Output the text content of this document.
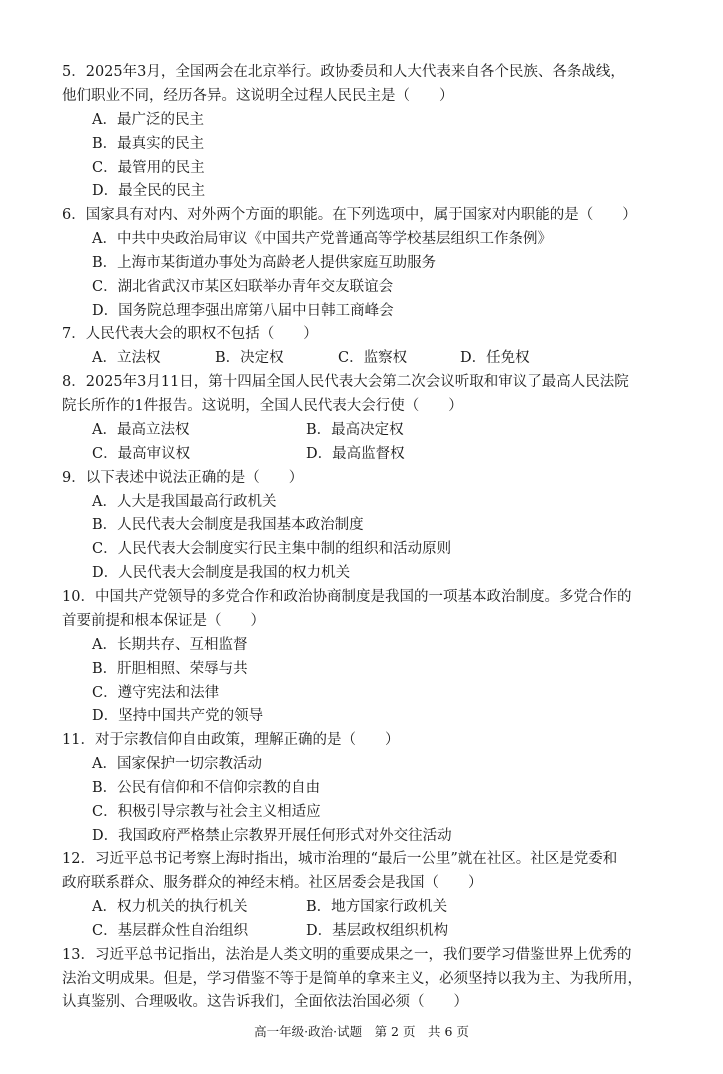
5．2025年3月，全国两会在北京举行。政协委员和人大代表来自各个民族、各条战线，
他们职业不同，经历各异。这说明全过程人民民主是（　　）
A．最广泛的民主
B．最真实的民主
C．最管用的民主
D．最全民的民主
6．国家具有对内、对外两个方面的职能。在下列选项中，属于国家对内职能的是（　　）
A．中共中央政治局审议《中国共产党普通高等学校基层组织工作条例》
B．上海市某街道办事处为高龄老人提供家庭互助服务
C．湖北省武汉市某区妇联举办青年交友联谊会
D．国务院总理李强出席第八届中日韩工商峰会
7．人民代表大会的职权不包括（　　）
A．立法权	B．决定权	C．监察权	D．任免权
8．2025年3月11日，第十四届全国人民代表大会第二次会议听取和审议了最高人民法院
院长所作的1件报告。这说明，全国人民代表大会行使（　　）
A．最高立法权	B．最高决定权
C．最高审议权	D．最高监督权
9．以下表述中说法正确的是（　　）
A．人大是我国最高行政机关
B．人民代表大会制度是我国基本政治制度
C．人民代表大会制度实行民主集中制的组织和活动原则
D．人民代表大会制度是我国的权力机关
10．中国共产党领导的多党合作和政治协商制度是我国的一项基本政治制度。多党合作的
首要前提和根本保证是（　　）
A．长期共存、互相监督
B．肝胆相照、荣辱与共
C．遵守宪法和法律
D．坚持中国共产党的领导
11．对于宗教信仰自由政策，理解正确的是（　　）
A．国家保护一切宗教活动
B．公民有信仰和不信仰宗教的自由
C．积极引导宗教与社会主义相适应
D．我国政府严格禁止宗教界开展任何形式对外交往活动
12．习近平总书记考察上海时指出，城市治理的“最后一公里”就在社区。社区是党委和
政府联系群众、服务群众的神经末梢。社区居委会是我国（　　）
A．权力机关的执行机关	B．地方国家行政机关
C．基层群众性自治组织	D．基层政权组织机构
13．习近平总书记指出，法治是人类文明的重要成果之一，我们要学习借鉴世界上优秀的
法治文明成果。但是，学习借鉴不等于是简单的拿来主义，必须坚持以我为主、为我所用，
认真鉴别、合理吸收。这告诉我们，全面依法治国必须（　　）
高一年级·政治·试题　第 2 页　共 6 页
